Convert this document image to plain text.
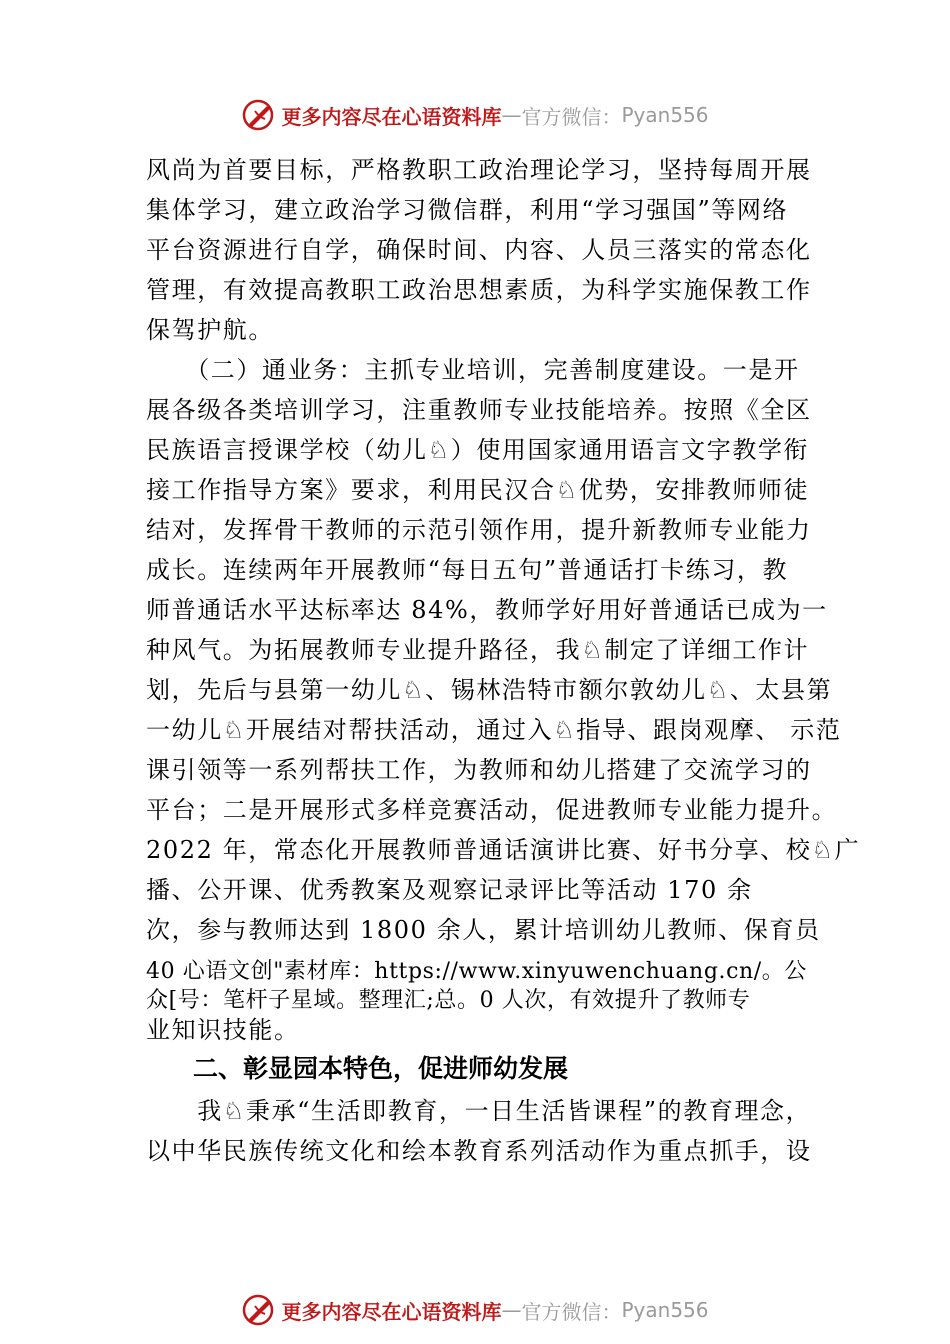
更多内容尽在心语资料库 — 官方微信： Pyan556
风尚为首要目标，严格教职工政治理论学习，坚持每周开展
集体学习，建立政治学习微信群，利用“学习强国”等网络
平台资源进行自学，确保时间、内容、人员三落实的常态化
管理，有效提高教职工政治思想素质，为科学实施保教工作
保驾护航。
　　（二）通业务：主抓专业培训，完善制度建设。一是开
展各级各类培训学习，注重教师专业技能培养。按照《全区
民族语言授课学校（幼儿♘）使用国家通用语言文字教学衔
接工作指导方案》要求，利用民汉合♘优势，安排教师师徒
结对，发挥骨干教师的示范引领作用，提升新教师专业能力
成长。连续两年开展教师“每日五句”普通话打卡练习，教
师普通话水平达标率达 84%，教师学好用好普通话已成为一
种风气。为拓展教师专业提升路径，我♘制定了详细工作计
划，先后与县第一幼儿♘、锡林浩特市额尔敦幼儿♘、太县第
一幼儿♘开展结对帮扶活动，通过入♘指导、跟岗观摩、 示范
课引领等一系列帮扶工作，为教师和幼儿搭建了交流学习的
平台；二是开展形式多样竞赛活动，促进教师专业能力提升。
2022 年，常态化开展教师普通话演讲比赛、好书分享、校♘广
播、公开课、优秀教案及观察记录评比等活动 170 余
次，参与教师达到 1800 余人，累计培训幼儿教师、保育员
40 心语文创"素材库：https://www.xinyuwenchuang.cn/。公
众[号：笔杆子星域。整理汇;总。0 人次，有效提升了教师专
业知识技能。
二、彰显园本特色，促进师幼发展
　　我♘秉承“生活即教育，一日生活皆课程”的教育理念，
以中华民族传统文化和绘本教育系列活动作为重点抓手，设
更多内容尽在心语资料库 — 官方微信： Pyan556
